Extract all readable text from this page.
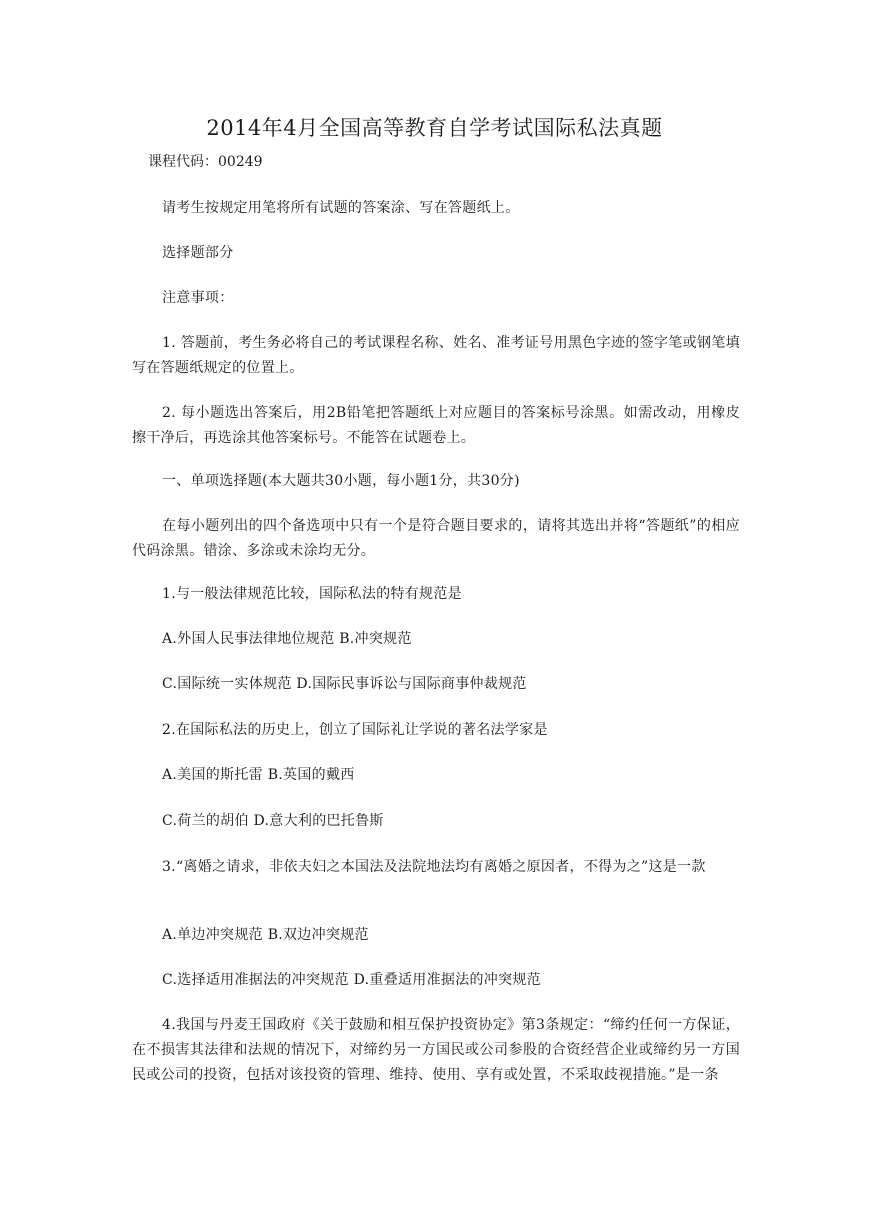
2014年4月全国高等教育自学考试国际私法真题
课程代码：00249
请考生按规定用笔将所有试题的答案涂、写在答题纸上。
选择题部分
注意事项：
1. 答题前，考生务必将自己的考试课程名称、姓名、准考证号用黑色字迹的签字笔或钢笔填写在答题纸规定的位置上。
2. 每小题选出答案后，用2B铅笔把答题纸上对应题目的答案标号涂黑。如需改动，用橡皮擦干净后，再选涂其他答案标号。不能答在试题卷上。
一、单项选择题(本大题共30小题，每小题1分，共30分)
在每小题列出的四个备选项中只有一个是符合题目要求的，请将其选出并将“答题纸”的相应代码涂黑。错涂、多涂或未涂均无分。
1.与一般法律规范比较，国际私法的特有规范是
A.外国人民事法律地位规范 B.冲突规范
C.国际统一实体规范 D.国际民事诉讼与国际商事仲裁规范
2.在国际私法的历史上，创立了国际礼让学说的著名法学家是
A.美国的斯托雷 B.英国的戴西
C.荷兰的胡伯 D.意大利的巴托鲁斯
3.“离婚之请求，非依夫妇之本国法及法院地法均有离婚之原因者，不得为之”这是一款
A.单边冲突规范 B.双边冲突规范
C.选择适用准据法的冲突规范 D.重叠适用准据法的冲突规范
4.我国与丹麦王国政府《关于鼓励和相互保护投资协定》第3条规定：“缔约任何一方保证，在不损害其法律和法规的情况下，对缔约另一方国民或公司参股的合资经营企业或缔约另一方国民或公司的投资，包括对该投资的管理、维持、使用、享有或处置，不采取歧视措施。”是一条
